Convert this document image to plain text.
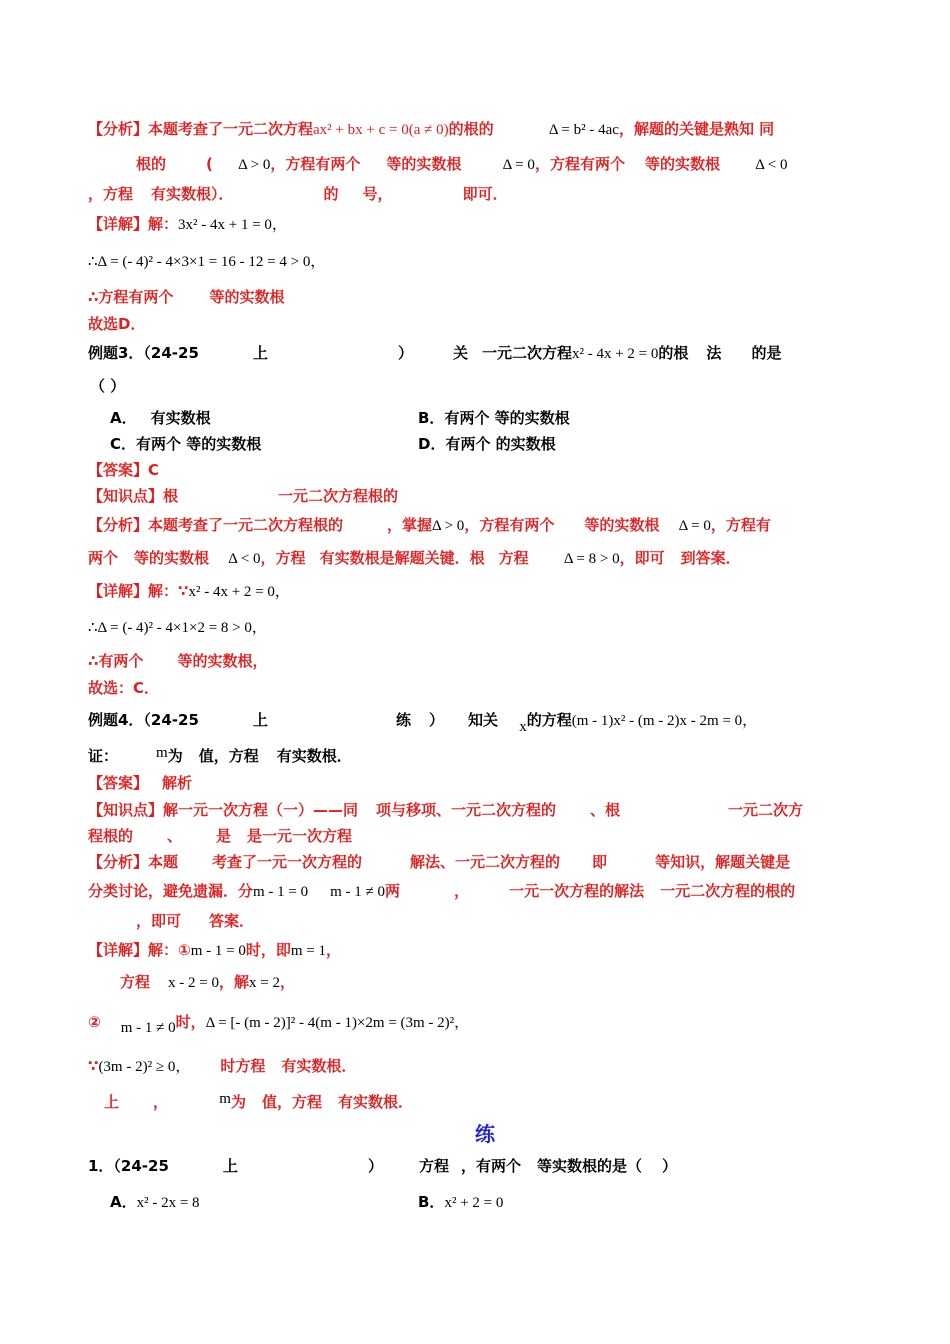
【分析】本题考查了一元二次方程ax² + bx + c = 0(a ≠ 0)的根的	Δ = b² - 4ac，解题的关键是熟知 同
根的	( Δ > 0，方程有两个 等的实数根	Δ = 0，方程有两个 等的实数根 Δ < 0
，方程 有实数根）．	的 号，	即可．
【详解】解：3x² - 4x + 1 = 0，
∴Δ = (- 4)² - 4×3×1 = 16 - 12 = 4 > 0，
∴方程有两个 等的实数根
故选D．
例题3．（24-25	上	）	关 一元二次方程x² - 4x + 2 = 0的根 法 的是
（ ）
A． 有实数根	B．有两个 等的实数根
C．有两个 等的实数根	D．有两个 的实数根
【答案】C
【知识点】根	一元二次方程根的
【分析】本题考查了一元二次方程根的	，掌握Δ > 0，方程有两个 等的实数根 Δ = 0，方程有
两个 等的实数根 Δ < 0，方程 有实数根是解题关键．根 方程 Δ = 8 > 0，即可 到答案．
【详解】解：∵x² - 4x + 2 = 0，
∴Δ = (- 4)² - 4×1×2 = 8 > 0，
∴有两个 等的实数根，
故选：C．
例题4．（24-25	上	练 ） 知关 x的方程(m - 1)x² - (m - 2)x - 2m = 0，
证：	m为 值，方程 有实数根．
【答案】 解析
【知识点】解一元一次方程（一）——同 项与移项、一元二次方程的 、根	一元二次方
程根的 、 是 是一元一次方程
【分析】本题 考查了一元一次方程的	解法、一元二次方程的 即	等知识，解题关键是
分类讨论，避免遗漏．分m - 1 = 0 m - 1 ≠ 0两	，	一元一次方程的解法 一元二次方程的根的
，即可 答案．
【详解】解：①m - 1 = 0时，即m = 1，
方程 x - 2 = 0，解x = 2，
② m - 1 ≠ 0时，Δ = [- (m - 2)]² - 4(m - 1)×2m = (3m - 2)²，
∵(3m - 2)² ≥ 0， 时方程 有实数根．
上 ，	m为 值，方程 有实数根．
练
1．（24-25	上	） 方程 ，有两个 等实数根的是（ ）
A．x² - 2x = 8	B．x² + 2 = 0
